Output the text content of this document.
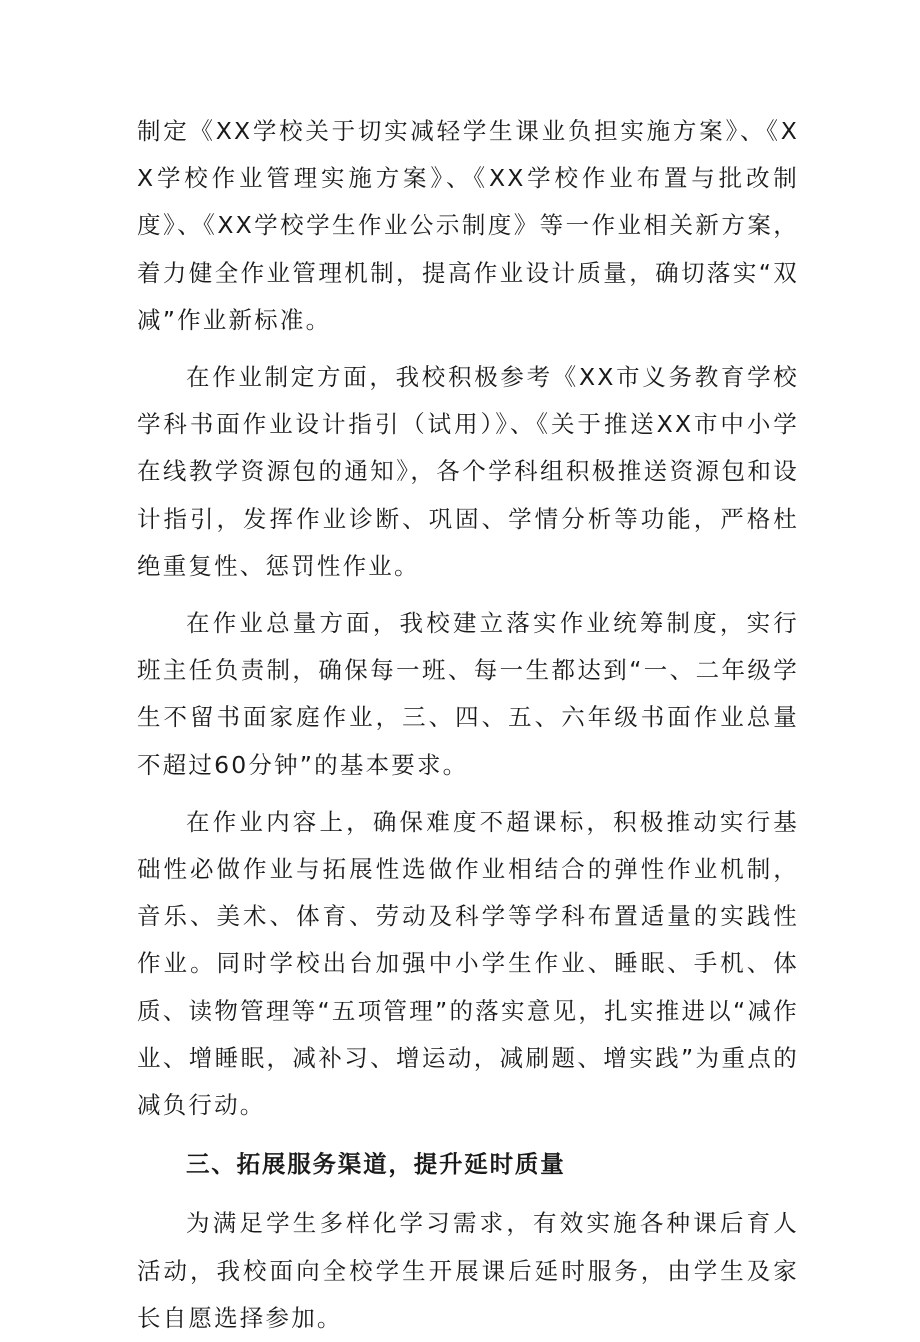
制定《XX学校关于切实减轻学生课业负担实施方案》、《XX学校作业管理实施方案》、《XX学校作业布置与批改制度》、《XX学校学生作业公示制度》等一作业相关新方案，着力健全作业管理机制，提高作业设计质量，确切落实“双减”作业新标准。

在作业制定方面，我校积极参考《XX市义务教育学校学科书面作业设计指引（试用）》、《关于推送XX市中小学在线教学资源包的通知》，各个学科组积极推送资源包和设计指引，发挥作业诊断、巩固、学情分析等功能，严格杜绝重复性、惩罚性作业。

在作业总量方面，我校建立落实作业统筹制度，实行班主任负责制，确保每一班、每一生都达到“一、二年级学生不留书面家庭作业，三、四、五、六年级书面作业总量不超过60分钟”的基本要求。

在作业内容上，确保难度不超课标，积极推动实行基础性必做作业与拓展性选做作业相结合的弹性作业机制，音乐、美术、体育、劳动及科学等学科布置适量的实践性作业。同时学校出台加强中小学生作业、睡眠、手机、体质、读物管理等“五项管理”的落实意见，扎实推进以“减作业、增睡眠，减补习、增运动，减刷题、增实践”为重点的减负行动。

三、拓展服务渠道，提升延时质量

为满足学生多样化学习需求，有效实施各种课后育人活动，我校面向全校学生开展课后延时服务，由学生及家长自愿选择参加。
